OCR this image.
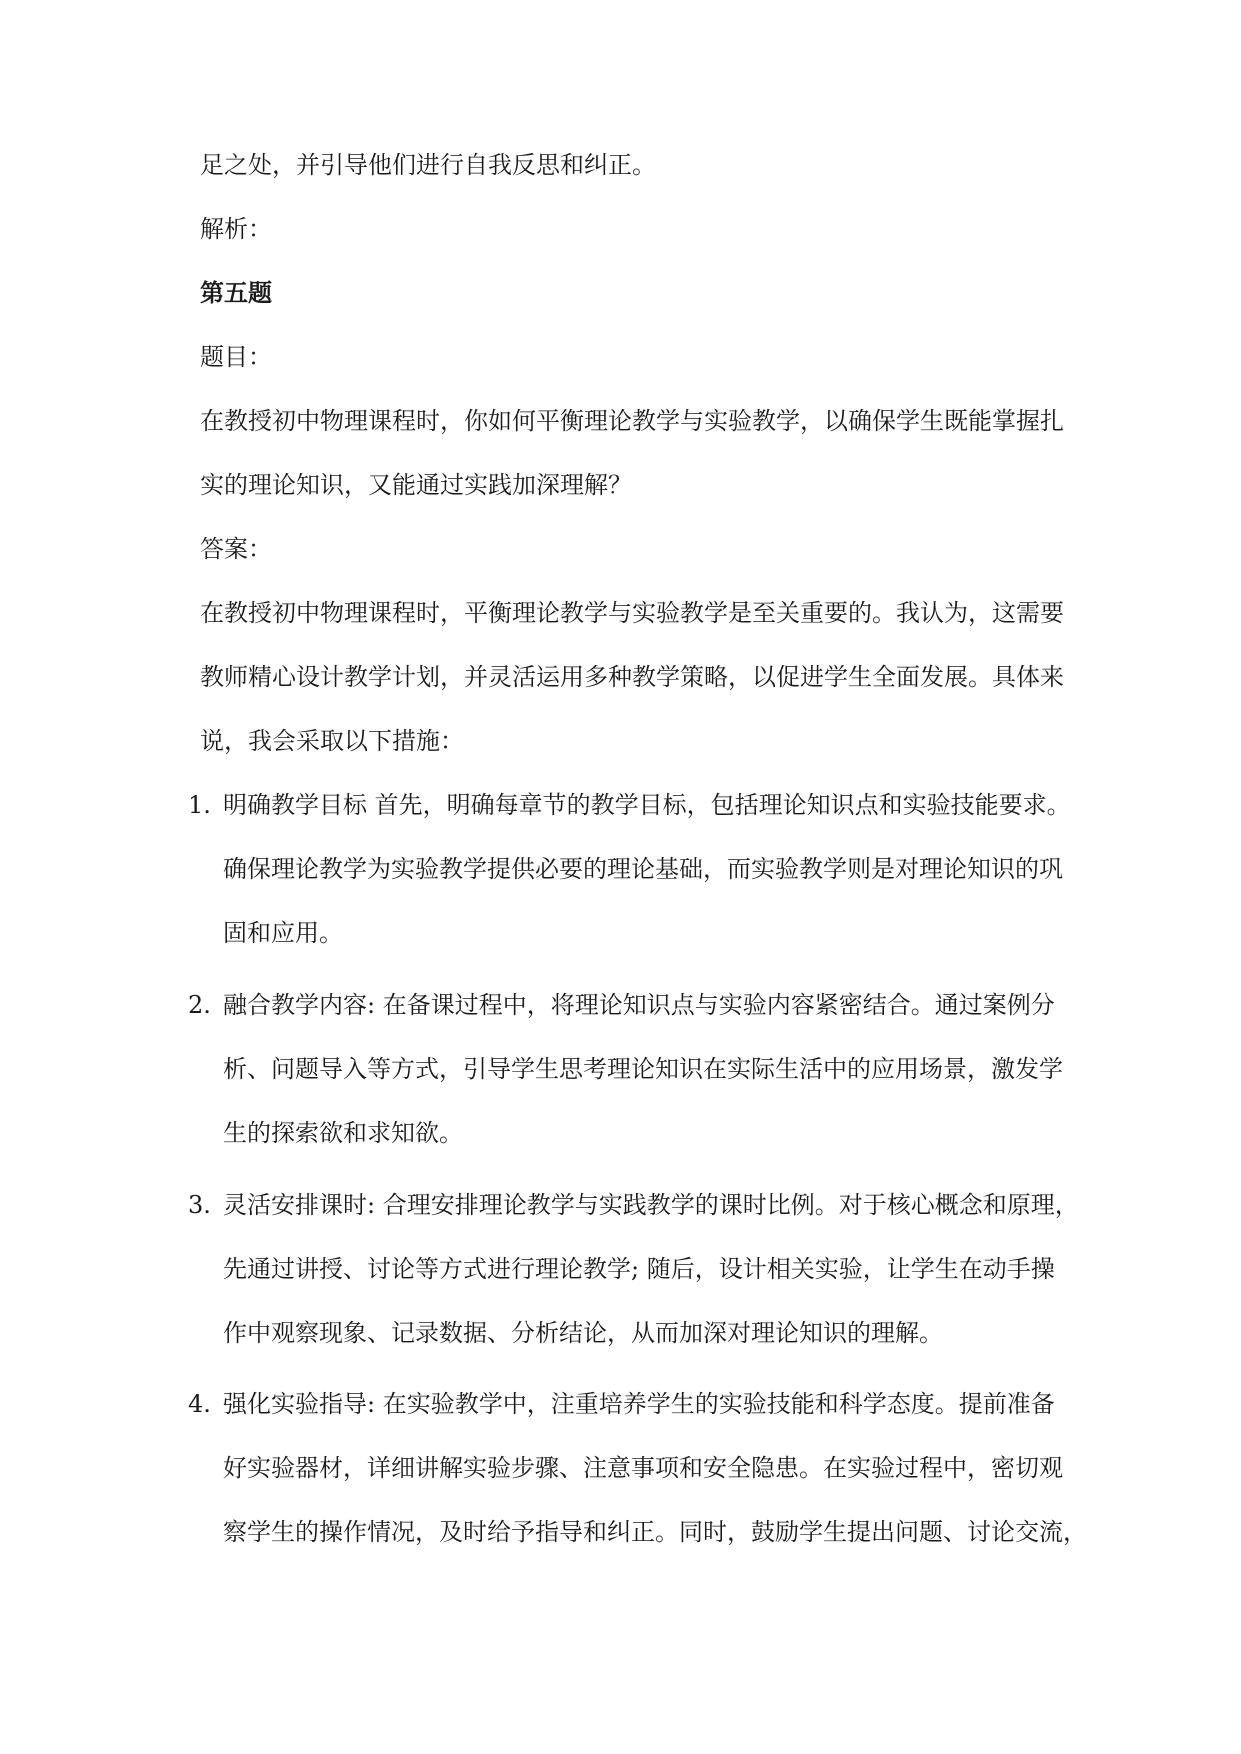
足之处，并引导他们进行自我反思和纠正。
解析：
第五题
题目：
在教授初中物理课程时，你如何平衡理论教学与实验教学，以确保学生既能掌握扎
实的理论知识，又能通过实践加深理解？
答案：
在教授初中物理课程时，平衡理论教学与实验教学是至关重要的。我认为，这需要
教师精心设计教学计划，并灵活运用多种教学策略，以促进学生全面发展。具体来
说，我会采取以下措施：
1. 明确教学目标 首先，明确每章节的教学目标，包括理论知识点和实验技能要求。
确保理论教学为实验教学提供必要的理论基础，而实验教学则是对理论知识的巩
固和应用。
2. 融合教学内容: 在备课过程中，将理论知识点与实验内容紧密结合。通过案例分
析、问题导入等方式，引导学生思考理论知识在实际生活中的应用场景，激发学
生的探索欲和求知欲。
3. 灵活安排课时: 合理安排理论教学与实践教学的课时比例。对于核心概念和原理，
先通过讲授、讨论等方式进行理论教学; 随后，设计相关实验，让学生在动手操
作中观察现象、记录数据、分析结论，从而加深对理论知识的理解。
4. 强化实验指导: 在实验教学中，注重培养学生的实验技能和科学态度。提前准备
好实验器材，详细讲解实验步骤、注意事项和安全隐患。在实验过程中，密切观
察学生的操作情况，及时给予指导和纠正。同时，鼓励学生提出问题、讨论交流，
